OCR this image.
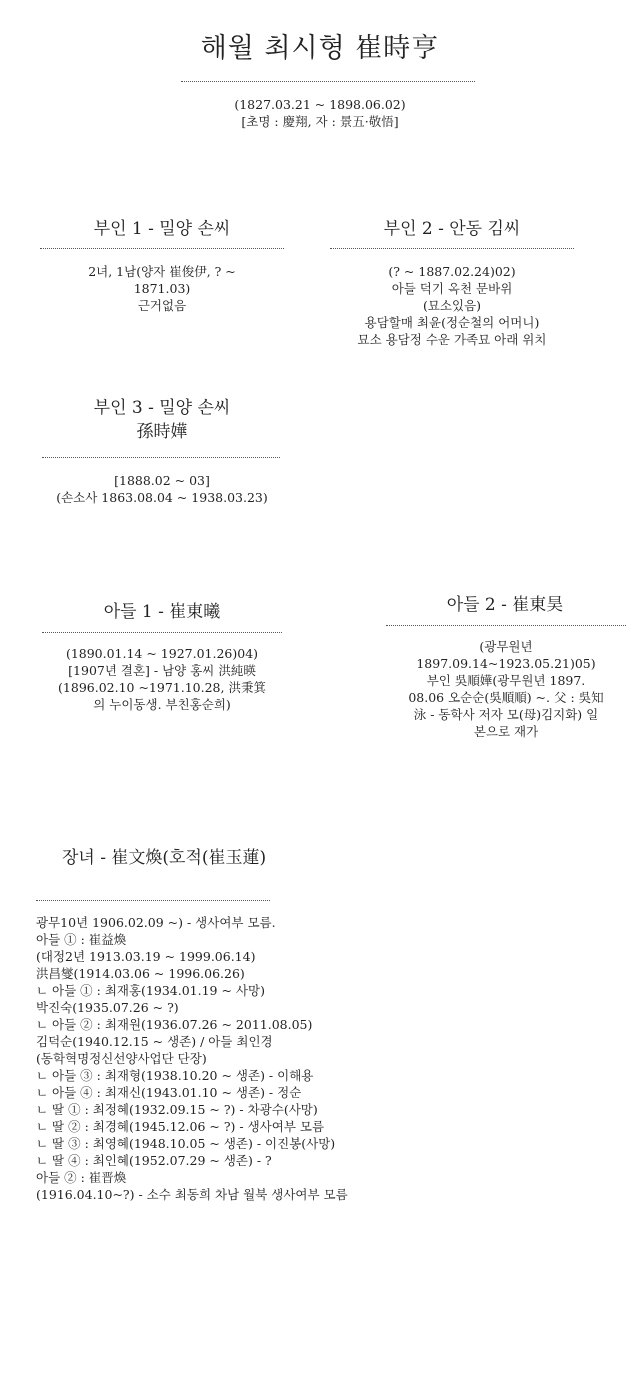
해월 최시형 崔時亨
(1827.03.21 ~ 1898.06.02)
[초명 : 慶翔, 자 : 景五·敬悟]
부인 1 - 밀양 손씨
2녀, 1남(양자 崔俊伊, ? ~
1871.03)
근거없음
부인 2 - 안동 김씨
(? ~ 1887.02.24)02)
아들 덕기 옥천 문바위
(묘소있음)
용담할매 최윤(정순철의 어머니)
묘소 용담정 수운 가족묘 아래 위치
부인 3 - 밀양 손씨
孫時嬅
[1888.02 ~ 03]
(손소사 1863.08.04 ~ 1938.03.23)
아들 1 - 崔東曦
(1890.01.14 ~ 1927.01.26)04)
[1907년 결혼] - 남양 홍씨 洪純暎
(1896.02.10 ~1971.10.28, 洪秉箕
의 누이동생. 부친홍순희)
아들 2 - 崔東昊
(광무원년
1897.09.14~1923.05.21)05)
부인 吳順嬅(광무원년 1897.
08.06 오순순(吳順順) ~. 父 : 吳知
泳 - 동학사 저자 모(母)김지화) 일
본으로 재가
장녀 - 崔文煥(호적(崔玉蓮)
광무10년 1906.02.09 ~) - 생사여부 모름.
아들 ① : 崔益煥
(대정2년 1913.03.19 ~ 1999.06.14)
洪昌燮(1914.03.06 ~ 1996.06.26)
ㄴ 아들 ① : 최재홍(1934.01.19 ~ 사망)
박진숙(1935.07.26 ~ ?)
ㄴ 아들 ② : 최재원(1936.07.26 ~ 2011.08.05)
김덕순(1940.12.15 ~ 생존) / 아들 최인경
(동학혁명정신선양사업단 단장)
ㄴ 아들 ③ : 최재형(1938.10.20 ~ 생존) - 이해용
ㄴ 아들 ④ : 최재신(1943.01.10 ~ 생존) - 정순
ㄴ 딸 ① : 최정혜(1932.09.15 ~ ?) - 차광수(사망)
ㄴ 딸 ② : 최경혜(1945.12.06 ~ ?) - 생사여부 모름
ㄴ 딸 ③ : 최영혜(1948.10.05 ~ 생존) - 이진봉(사망)
ㄴ 딸 ④ : 최인혜(1952.07.29 ~ 생존) - ?
아들 ② : 崔晋煥
(1916.04.10~?) - 소수 최동희 차남 월북 생사여부 모름
